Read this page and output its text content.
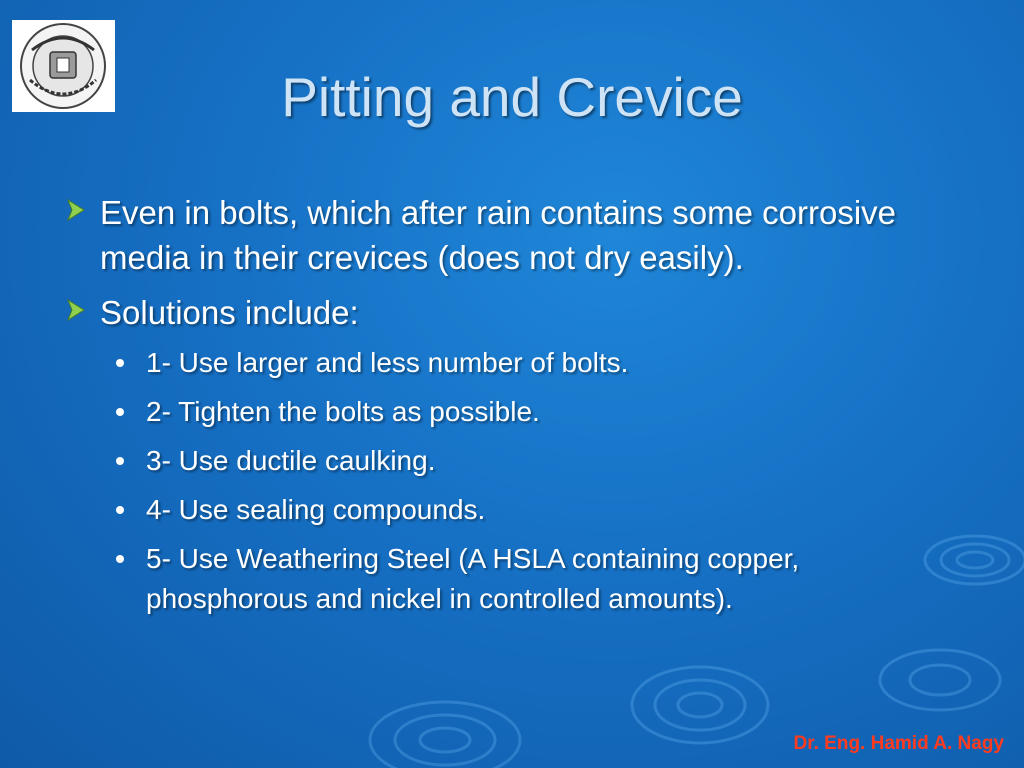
Pitting and Crevice
Even in bolts, which after rain contains some corrosive media in their crevices (does not dry easily).
Solutions include:
1- Use larger and less number of bolts.
2- Tighten the bolts as possible.
3- Use ductile caulking.
4- Use sealing compounds.
5- Use Weathering Steel (A HSLA containing copper, phosphorous and nickel in controlled amounts).
Dr. Eng. Hamid A. Nagy
